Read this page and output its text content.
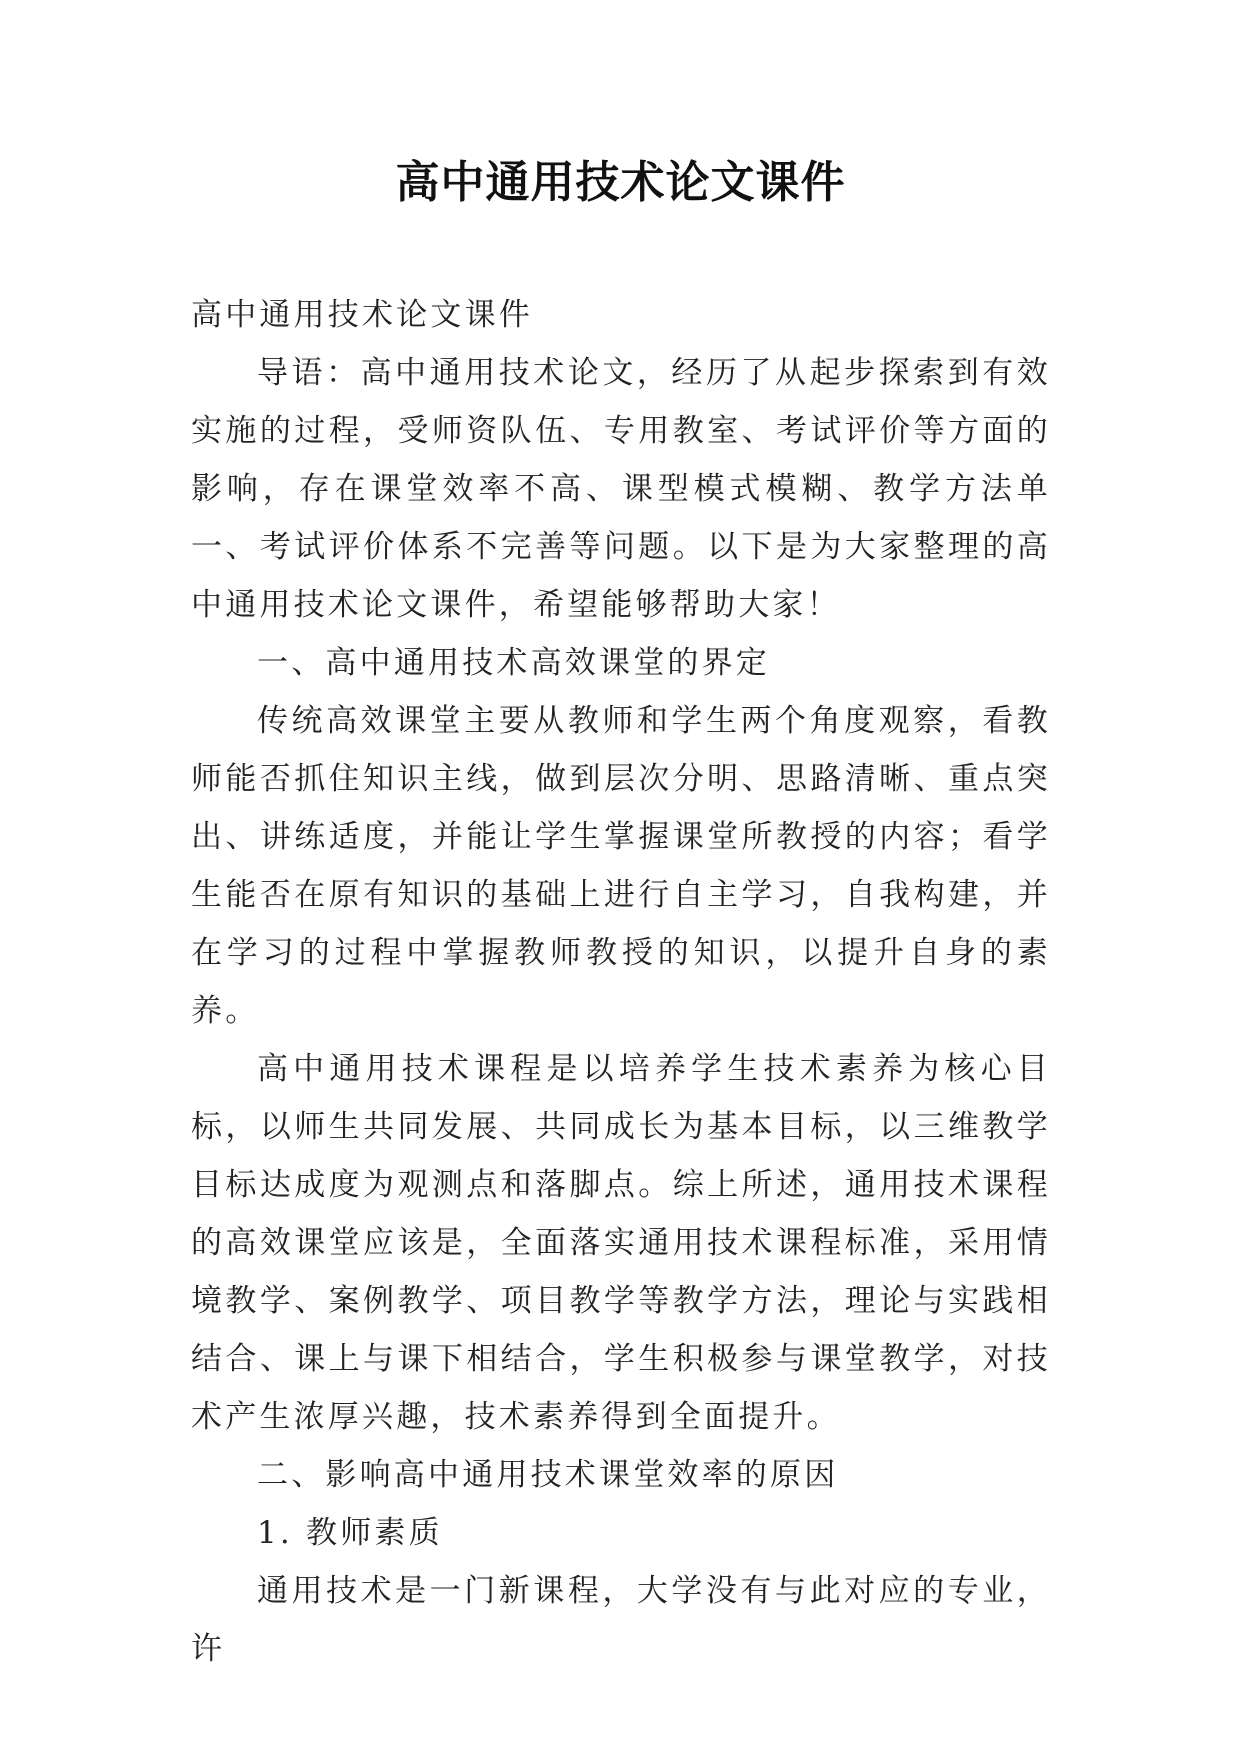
高中通用技术论文课件

高中通用技术论文课件

导语：高中通用技术论文，经历了从起步探索到有效实施的过程，受师资队伍、专用教室、考试评价等方面的影响，存在课堂效率不高、课型模式模糊、教学方法单一、考试评价体系不完善等问题。以下是为大家整理的高中通用技术论文课件，希望能够帮助大家！

一、高中通用技术高效课堂的界定

传统高效课堂主要从教师和学生两个角度观察，看教师能否抓住知识主线，做到层次分明、思路清晰、重点突出、讲练适度，并能让学生掌握课堂所教授的内容；看学生能否在原有知识的基础上进行自主学习，自我构建，并在学习的过程中掌握教师教授的知识，以提升自身的素养。

高中通用技术课程是以培养学生技术素养为核心目标，以师生共同发展、共同成长为基本目标，以三维教学目标达成度为观测点和落脚点。综上所述，通用技术课程的高效课堂应该是，全面落实通用技术课程标准，采用情境教学、案例教学、项目教学等教学方法，理论与实践相结合、课上与课下相结合，学生积极参与课堂教学，对技术产生浓厚兴趣，技术素养得到全面提升。

二、影响高中通用技术课堂效率的原因

1. 教师素质

通用技术是一门新课程，大学没有与此对应的专业，许
